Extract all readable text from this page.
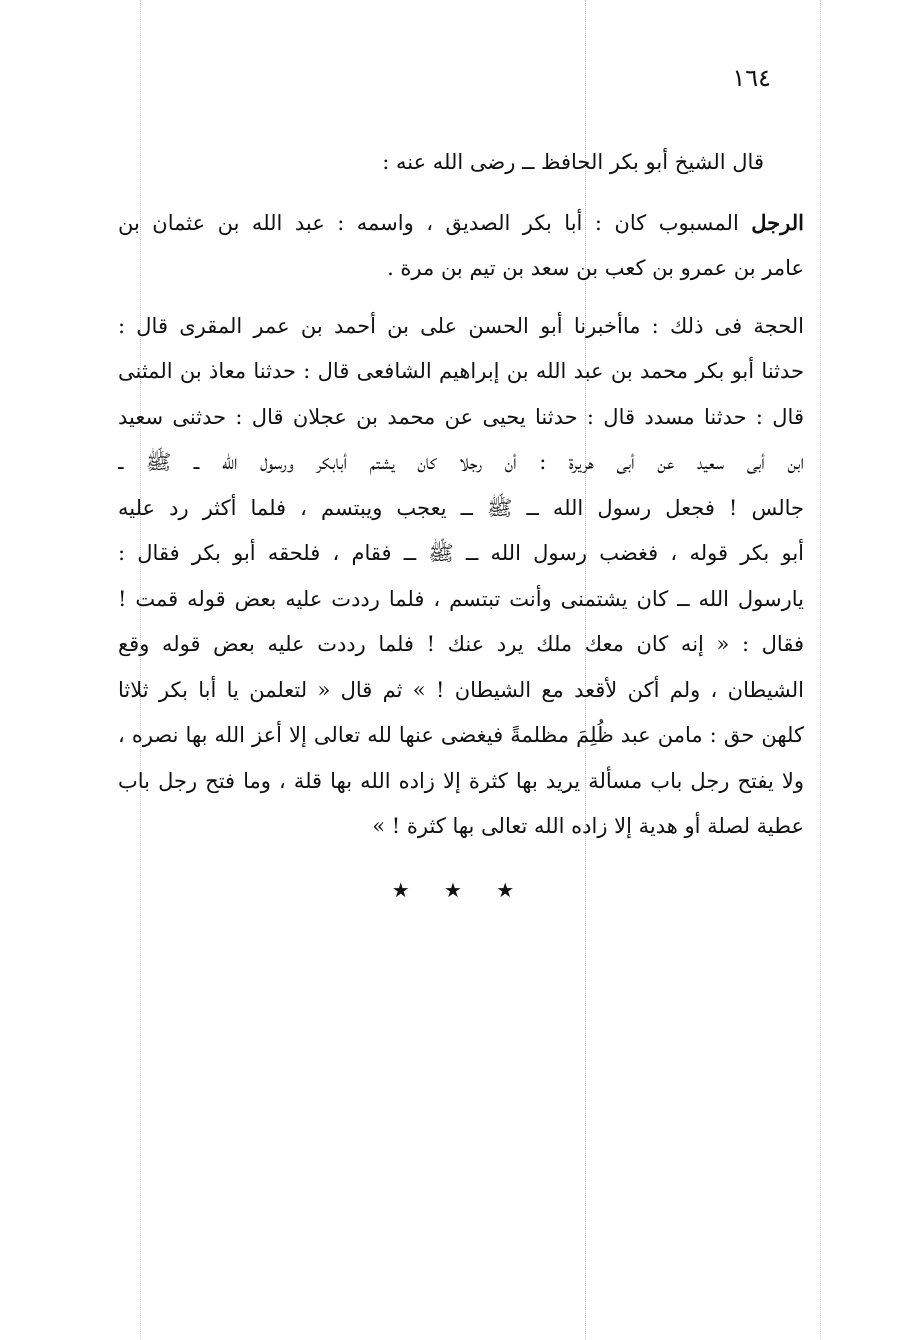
١٦٤
قال الشيخ أبو بكر الحافظ ــ رضى الله عنه :
الرجل المسبوب كان : أبا بكر الصديق ، واسمه : عبد الله بن عثمان بن
عامر بن عمرو بن كعب بن سعد بن تيم بن مرة .
الحجة فى ذلك : ماأخبرنا أبو الحسن على بن أحمد بن عمر المقرى قال :
حدثنا أبو بكر محمد بن عبد الله بن إبراهيم الشافعى قال : حدثنا معاذ بن المثنى
قال : حدثنا مسدد قال : حدثنا يحيى عن محمد بن عجلان قال : حدثنى سعيد
ابن أبى سعيد عن أبى هريرة : أن رجلا كان يشتم أبابكر ورسول الله ــ ﷺ ــ
جالس ! فجعل رسول الله ــ ﷺ ــ يعجب ويبتسم ، فلما أكثر رد عليه
أبو بكر قوله ، فغضب رسول الله ــ ﷺ ــ فقام ، فلحقه أبو بكر فقال :
يارسول الله ــ كان يشتمنى وأنت تبتسم ، فلما رددت عليه بعض قوله قمت !
فقال : « إنه كان معك ملك يرد عنك ! فلما رددت عليه بعض قوله وقع
الشيطان ، ولم أكن لأقعد مع الشيطان ! » ثم قال « لتعلمن يا أبا بكر ثلاثا
كلهن حق : مامن عبد ظُلِمَ مظلمةً فيغضى عنها لله تعالى إلا أعز الله بها نصره ،
ولا يفتح رجل باب مسألة يريد بها كثرة إلا زاده الله بها قلة ، وما فتح رجل باب
عطية لصلة أو هدية إلا زاده الله تعالى بها كثرة ! »
★ ★ ★
